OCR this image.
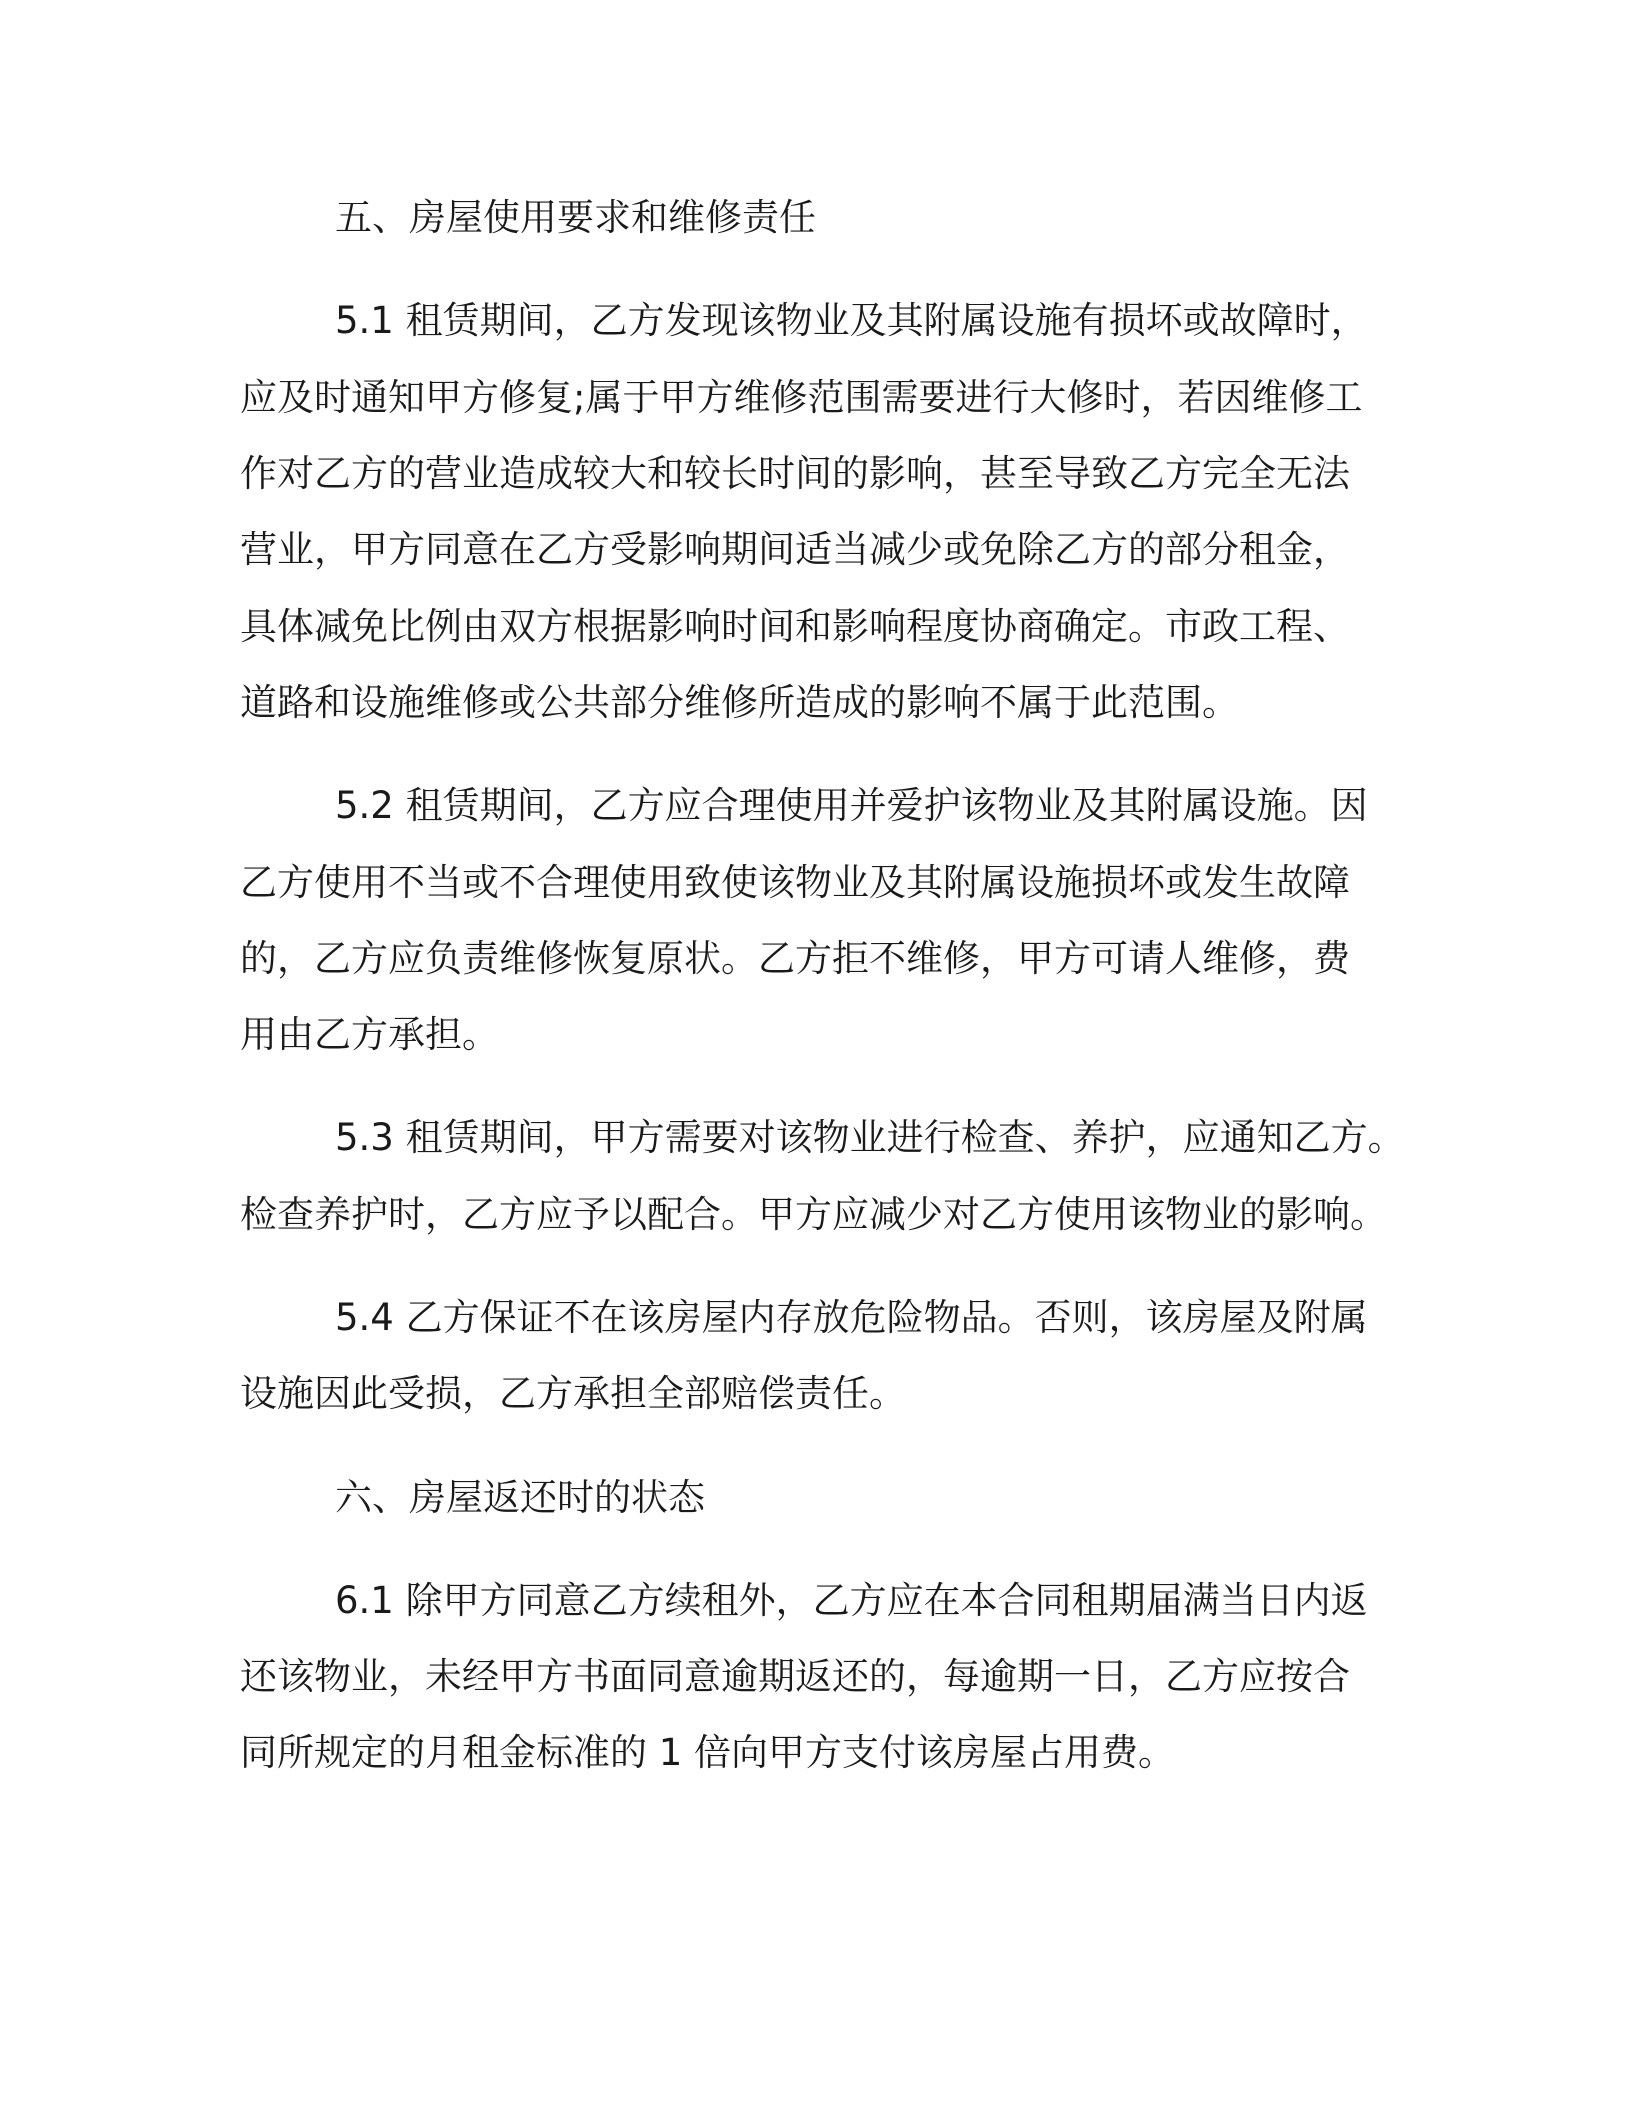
五、房屋使用要求和维修责任
5.1 租赁期间，乙方发现该物业及其附属设施有损坏或故障时，
应及时通知甲方修复;属于甲方维修范围需要进行大修时，若因维修工
作对乙方的营业造成较大和较长时间的影响，甚至导致乙方完全无法
营业，甲方同意在乙方受影响期间适当减少或免除乙方的部分租金，
具体减免比例由双方根据影响时间和影响程度协商确定。市政工程、
道路和设施维修或公共部分维修所造成的影响不属于此范围。
5.2 租赁期间，乙方应合理使用并爱护该物业及其附属设施。因
乙方使用不当或不合理使用致使该物业及其附属设施损坏或发生故障
的，乙方应负责维修恢复原状。乙方拒不维修，甲方可请人维修，费
用由乙方承担。
5.3 租赁期间，甲方需要对该物业进行检查、养护，应通知乙方。
检查养护时，乙方应予以配合。甲方应减少对乙方使用该物业的影响。
5.4 乙方保证不在该房屋内存放危险物品。否则，该房屋及附属
设施因此受损，乙方承担全部赔偿责任。
六、房屋返还时的状态
6.1 除甲方同意乙方续租外，乙方应在本合同租期届满当日内返
还该物业，未经甲方书面同意逾期返还的，每逾期一日，乙方应按合
同所规定的月租金标准的 1 倍向甲方支付该房屋占用费。
